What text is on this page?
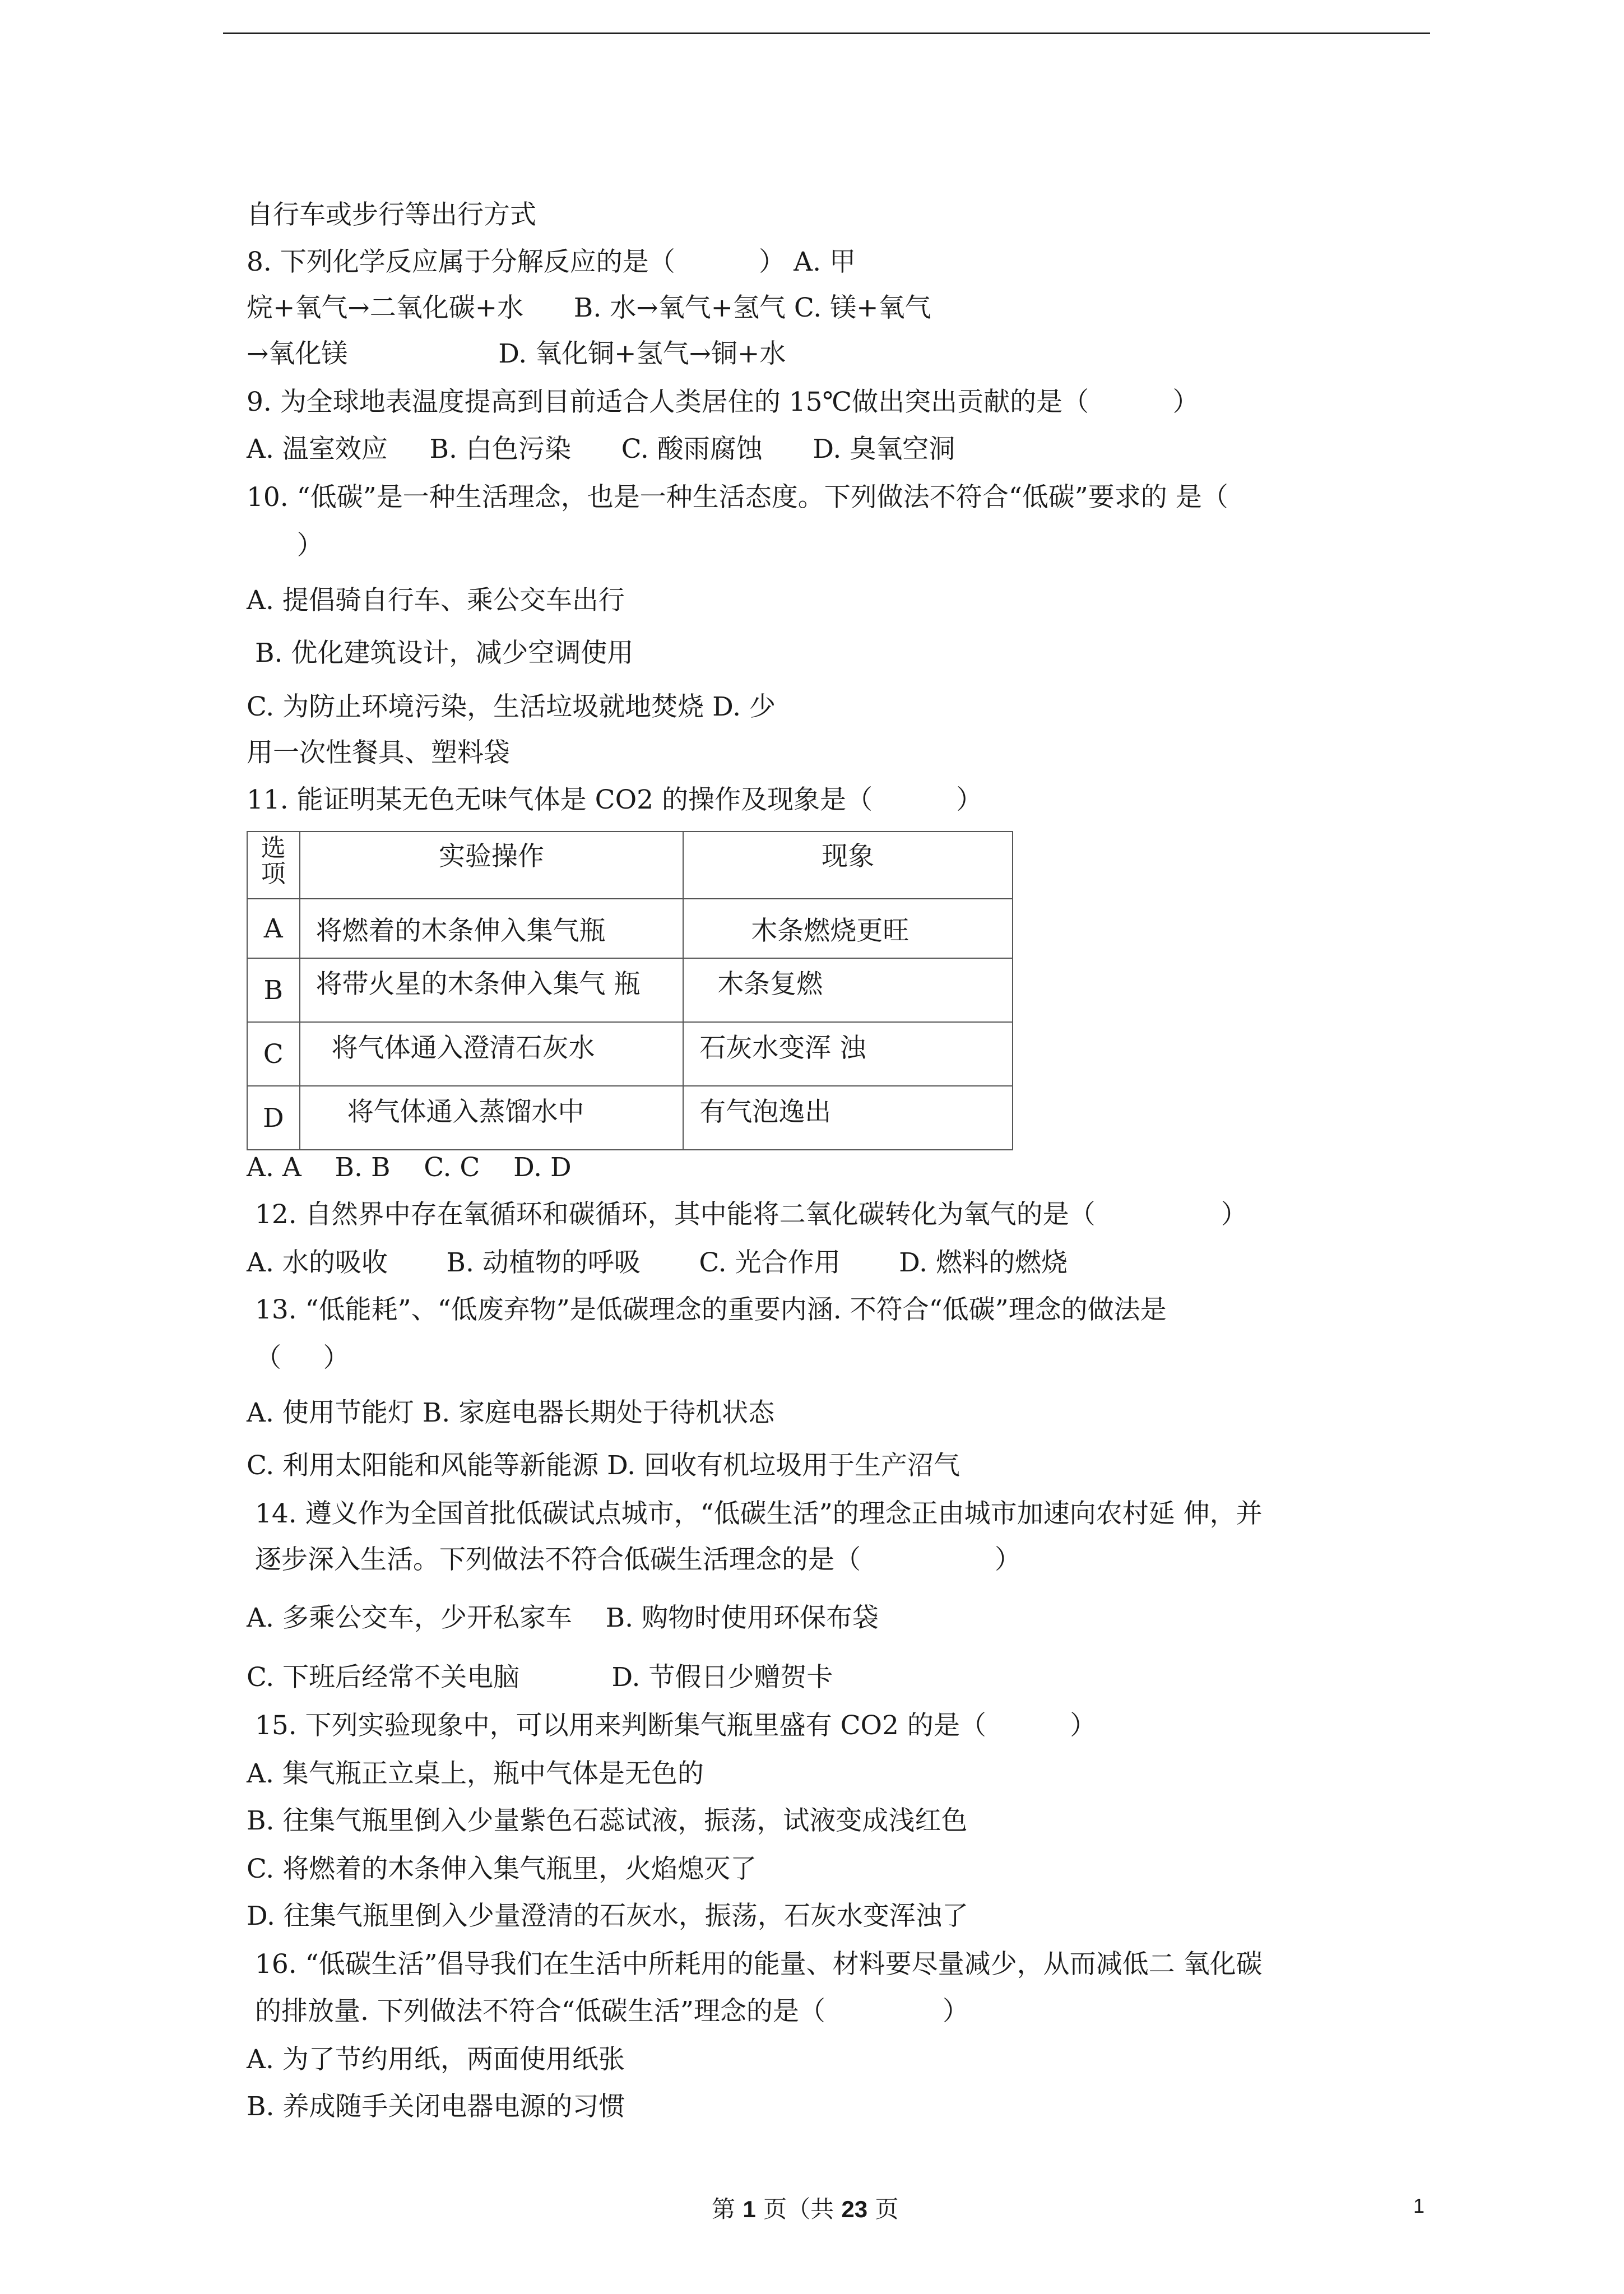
自行车或步行等出行方式
8. 下列化学反应属于分解反应的是（          ） A. 甲
烷+氧气→二氧化碳+水      B. 水→氧气+氢气 C. 镁+氧气
→氧化镁                  D. 氧化铜+氢气→铜+水
9. 为全球地表温度提高到目前适合人类居住的 15℃做出突出贡献的是（          ）
A. 温室效应     B. 白色污染      C. 酸雨腐蚀      D. 臭氧空洞
10. “低碳”是一种生活理念，也是一种生活态度。下列做法不符合“低碳”要求的 是（
）
A. 提倡骑自行车、乘公交车出行
B. 优化建筑设计，减少空调使用
C. 为防止环境污染，生活垃圾就地焚烧 D. 少
用一次性餐具、塑料袋
11. 能证明某无色无味气体是 CO2 的操作及现象是（          ）
选项	实验操作	现象
A	将燃着的木条伸入集气瓶	木条燃烧更旺
B	将带火星的木条伸入集气 瓶	木条复燃
C	将气体通入澄清石灰水	石灰水变浑 浊
D	将气体通入蒸馏水中	有气泡逸出
A. A    B. B    C. C    D. D
12. 自然界中存在氧循环和碳循环，其中能将二氧化碳转化为氧气的是（               ）
A. 水的吸收       B. 动植物的呼吸       C. 光合作用       D. 燃料的燃烧
13. “低能耗”、“低废弃物”是低碳理念的重要内涵. 不符合“低碳”理念的做法是
（     ）
A. 使用节能灯 B. 家庭电器长期处于待机状态
C. 利用太阳能和风能等新能源 D. 回收有机垃圾用于生产沼气
14. 遵义作为全国首批低碳试点城市，“低碳生活”的理念正由城市加速向农村延 伸，并
逐步深入生活。下列做法不符合低碳生活理念的是（                ）
A. 多乘公交车，少开私家车    B. 购物时使用环保布袋
C. 下班后经常不关电脑           D. 节假日少赠贺卡
15. 下列实验现象中，可以用来判断集气瓶里盛有 CO2 的是（          ）
A. 集气瓶正立桌上，瓶中气体是无色的
B. 往集气瓶里倒入少量紫色石蕊试液，振荡，试液变成浅红色
C. 将燃着的木条伸入集气瓶里，火焰熄灭了
D. 往集气瓶里倒入少量澄清的石灰水，振荡，石灰水变浑浊了
16. “低碳生活”倡导我们在生活中所耗用的能量、材料要尽量减少，从而减低二 氧化碳
的排放量. 下列做法不符合“低碳生活”理念的是（              ）
A. 为了节约用纸，两面使用纸张
B. 养成随手关闭电器电源的习惯
第 1 页（共 23 页	1
